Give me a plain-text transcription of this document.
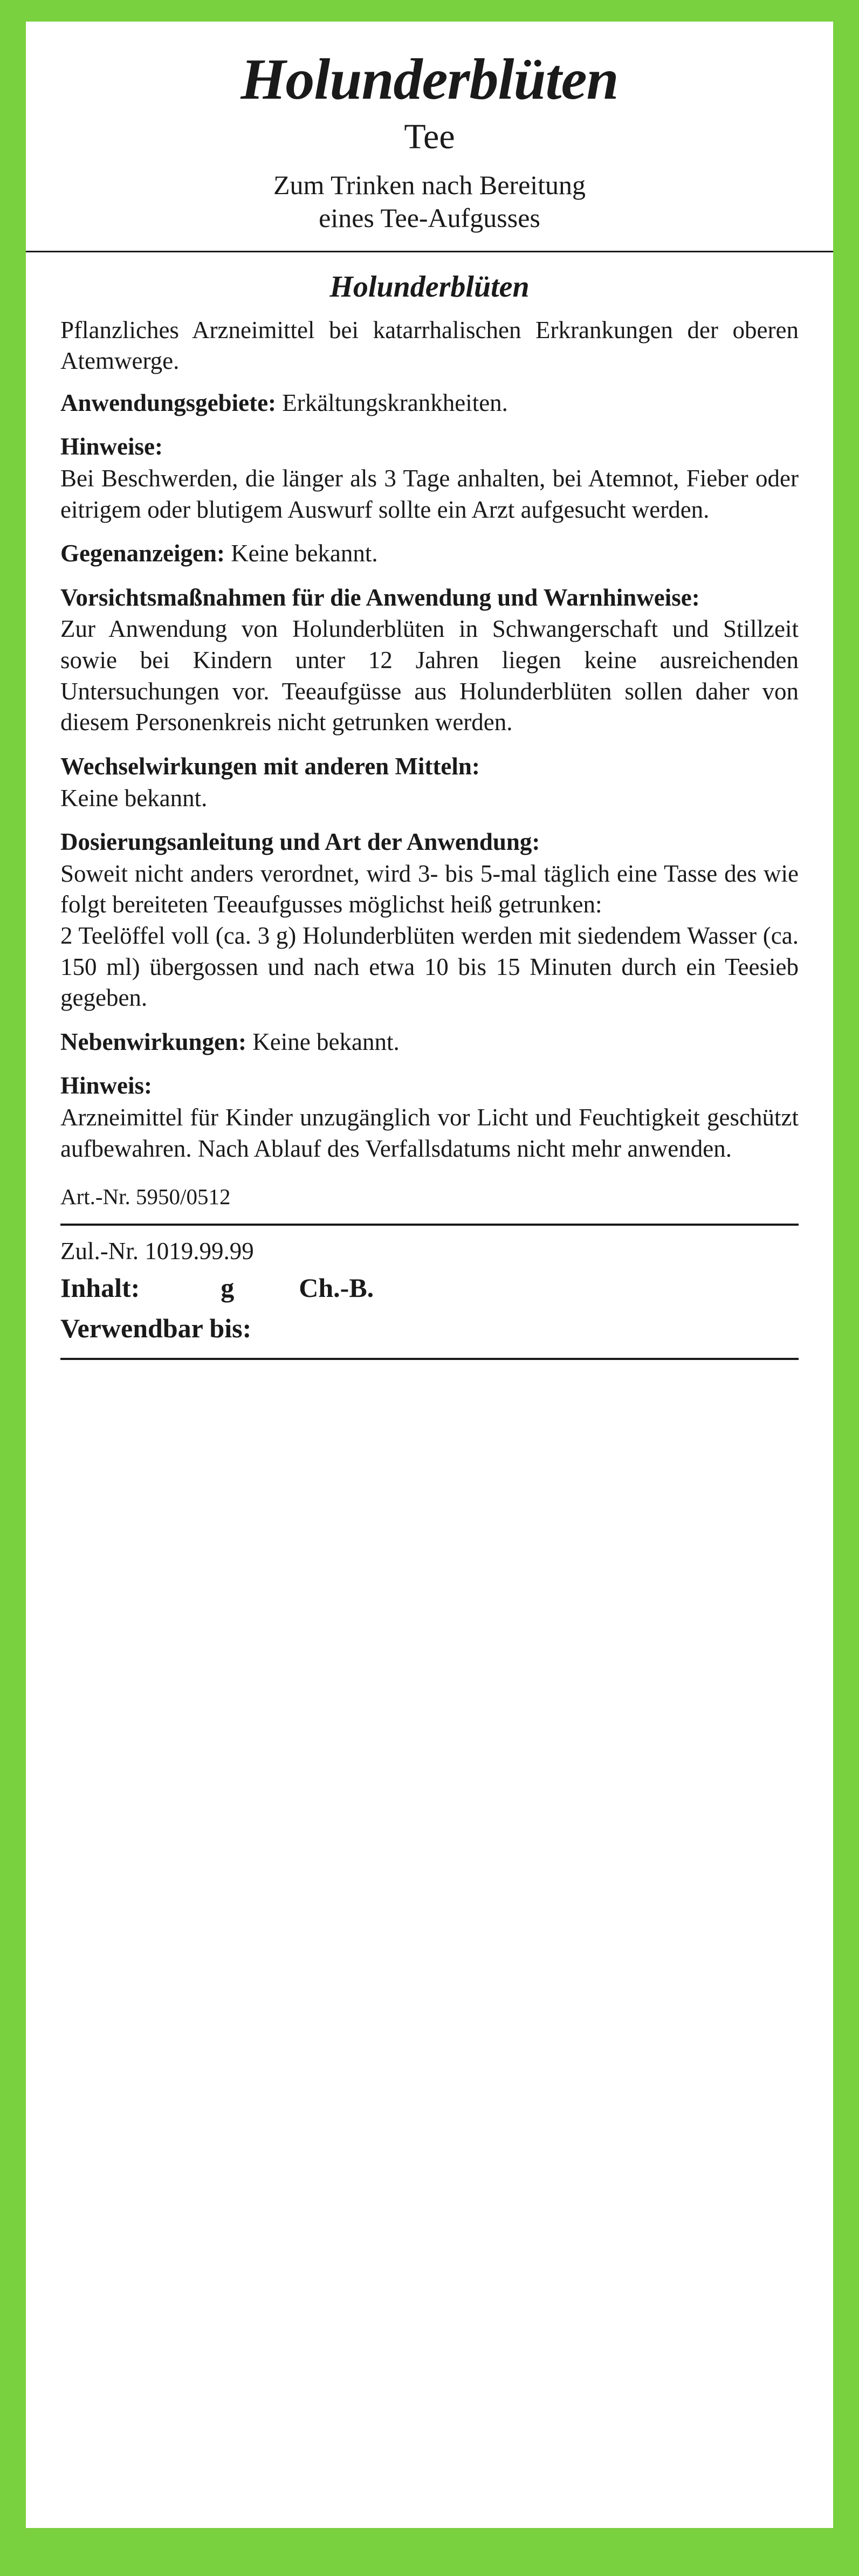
Holunderblüten
Tee
Zum Trinken nach Bereitung
eines Tee-Aufgusses
Holunderblüten

Pflanzliches Arzneimittel bei katarrhalischen Erkrankungen der oberen Atemwerge.

Anwendungsgebiete: Erkältungskrankheiten.

Hinweise:

Bei Beschwerden, die länger als 3 Tage anhalten, bei Atemnot, Fieber oder eitrigem oder blutigem Auswurf sollte ein Arzt aufgesucht werden.

Gegenanzeigen: Keine bekannt.

Vorsichtsmaßnahmen für die Anwendung und Warnhinweise:

Zur Anwendung von Holunderblüten in Schwangerschaft und Stillzeit sowie bei Kindern unter 12 Jahren liegen keine ausreichenden Untersuchungen vor. Teeaufgüsse aus Holunderblüten sollen daher von diesem Personenkreis nicht getrunken werden.

Wechselwirkungen mit anderen Mitteln:

Keine bekannt.

Dosierungsanleitung und Art der Anwendung:

Soweit nicht anders verordnet, wird 3- bis 5-mal täglich eine Tasse des wie folgt bereiteten Teeaufgusses möglichst heiß getrunken:

2 Teelöffel voll (ca. 3 g) Holunderblüten werden mit siedendem Wasser (ca. 150 ml) übergossen und nach etwa 10 bis 15 Minuten durch ein Teesieb gegeben.

Nebenwirkungen: Keine bekannt.

Hinweis:

Arzneimittel für Kinder unzugänglich vor Licht und Feuchtigkeit geschützt aufbewahren. Nach Ablauf des Verfallsdatums nicht mehr anwenden.

Art.-Nr. 5950/0512
Zul.-Nr. 1019.99.99
Inhalt:	g Ch.-B.
Verwendbar bis:
